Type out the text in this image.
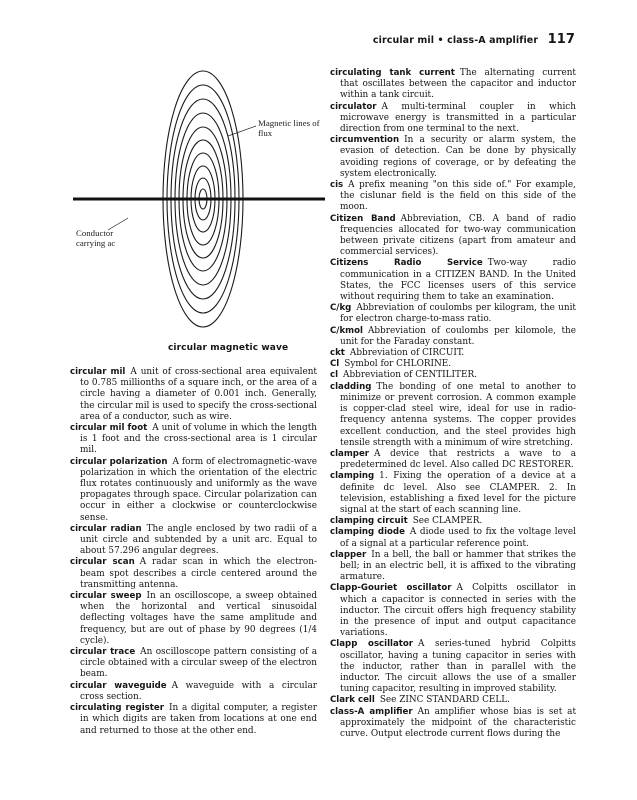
circular mil • class-A amplifier 117
Magnetic lines of flux
Conductor carrying ac
circular magnetic wave

circular mil A unit of cross-sectional area equivalent to 0.785 millionths of a square inch, or the area of a circle having a diameter of 0.001 inch. Generally, the circular mil is used to specify the cross-sectional area of a conductor, such as wire.

circular mil foot A unit of volume in which the length is 1 foot and the cross-sectional area is 1 circular mil.

circular polarization A form of electromagnetic-wave polarization in which the orientation of the electric flux rotates continuously and uniformly as the wave propagates through space. Circular polarization can occur in either a clockwise or counterclockwise sense.

circular radian The angle enclosed by two radii of a unit circle and subtended by a unit arc. Equal to about 57.296 angular degrees.

circular scan A radar scan in which the electron-beam spot describes a circle centered around the transmitting antenna.

circular sweep In an oscilloscope, a sweep obtained when the horizontal and vertical sinusoidal deflecting voltages have the same amplitude and frequency, but are out of phase by 90 degrees (1/4 cycle).

circular trace An oscilloscope pattern consisting of a circle obtained with a circular sweep of the electron beam.

circular waveguide A waveguide with a circular cross section.

circulating register In a digital computer, a register in which digits are taken from locations at one end and returned to those at the other end.

circulating tank current The alternating current that oscillates between the capacitor and inductor within a tank circuit.

circulator A multi-terminal coupler in which microwave energy is transmitted in a particular direction from one terminal to the next.

circumvention In a security or alarm system, the evasion of detection. Can be done by physically avoiding regions of coverage, or by defeating the system electronically.

cis A prefix meaning "on this side of." For example, the cislunar field is the field on this side of the moon.

Citizen Band Abbreviation, CB. A band of radio frequencies allocated for two-way communication between private citizens (apart from amateur and commercial services).

Citizens Radio Service Two-way radio communication in a CITIZEN BAND. In the United States, the FCC licenses users of this service without requiring them to take an examination.

C/kg Abbreviation of coulombs per kilogram, the unit for electron charge-to-mass ratio.

C/kmol Abbreviation of coulombs per kilomole, the unit for the Faraday constant.

ckt Abbreviation of CIRCUIT.

Cl Symbol for CHLORINE.

cl Abbreviation of CENTILITER.

cladding The bonding of one metal to another to minimize or prevent corrosion. A common example is copper-clad steel wire, ideal for use in radio-frequency antenna systems. The copper provides excellent conduction, and the steel provides high tensile strength with a minimum of wire stretching.

clamper A device that restricts a wave to a predetermined dc level. Also called DC RESTORER.

clamping 1. Fixing the operation of a device at a definite dc level. Also see CLAMPER. 2. In television, establishing a fixed level for the picture signal at the start of each scanning line.

clamping circuit See CLAMPER.

clamping diode A diode used to fix the voltage level of a signal at a particular reference point.

clapper In a bell, the ball or hammer that strikes the bell; in an electric bell, it is affixed to the vibrating armature.

Clapp-Gouriet oscillator A Colpitts oscillator in which a capacitor is connected in series with the inductor. The circuit offers high frequency stability in the presence of input and output capacitance variations.

Clapp oscillator A series-tuned hybrid Colpitts oscillator, having a tuning capacitor in series with the inductor, rather than in parallel with the inductor. The circuit allows the use of a smaller tuning capacitor, resulting in improved stability.

Clark cell See ZINC STANDARD CELL.

class-A amplifier An amplifier whose bias is set at approximately the midpoint of the characteristic curve. Output electrode current flows during the
